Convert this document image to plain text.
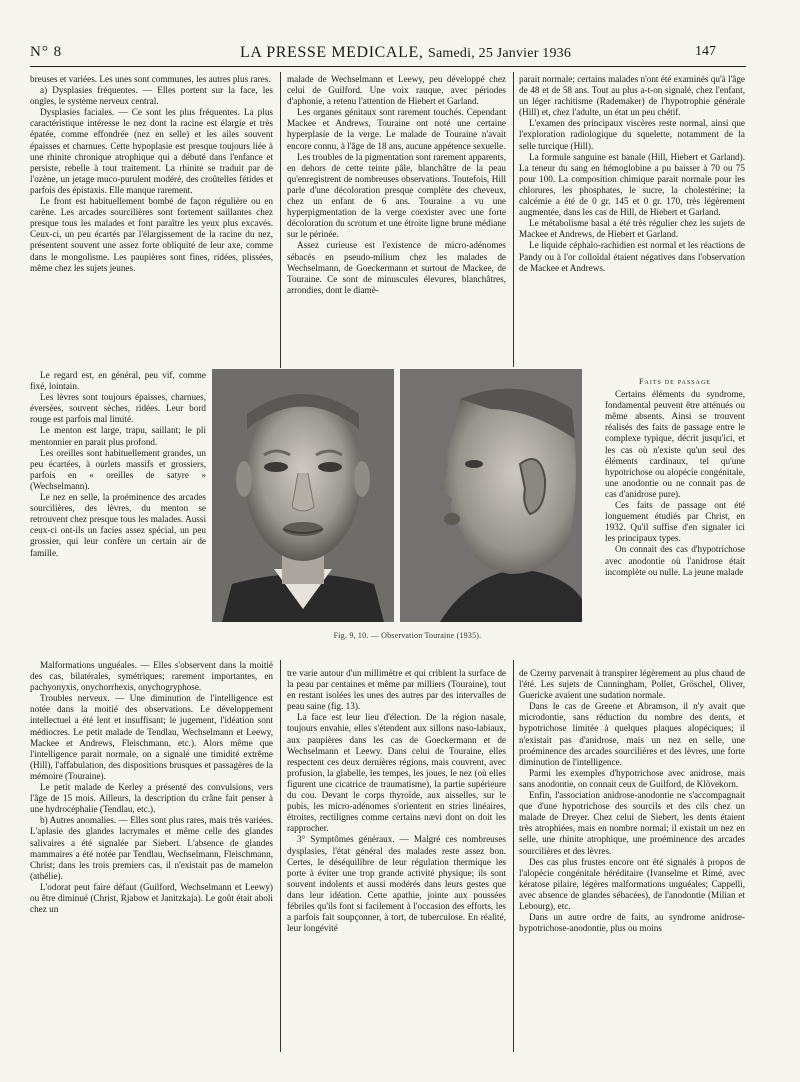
N° 8	LA PRESSE MEDICALE, Samedi, 25 Janvier 1936	147

breuses et variées. Les unes sont communes, les autres plus rares.

a) Dysplasies fréquentes. — Elles portent sur la face, les ongles, le système nerveux central.

Dysplasies faciales. — Ce sont les plus fréquentes. La plus caractéristique intéresse le nez dont la racine est élargie et très épatée, comme effondrée (nez en selle) et les ailes souvent épaisses et charnues. Cette hypoplasie est presque toujours liée à une rhinite chronique atrophique qui a débuté dans l'enfance et persiste, rebelle à tout traitement. La rhinite se traduit par de l'ozène, un jetage muco-purulent modéré, des croûtelles fétides et parfois des épistaxis. Elle manque rarement.

Le front est habituellement bombé de façon régulière ou en carène. Les arcades sourcilières sont fortement saillantes chez presque tous les malades et font paraître les yeux plus excavés. Ceux-ci, un peu écartés par l'élargissement de la racine du nez, présentent souvent une assez forte obliquité de leur axe, comme dans le mongolisme. Les paupières sont fines, ridées, plissées, même chez les sujets jeunes.

Le regard est, en général, peu vif, comme fixé, lointain.

Les lèvres sont toujours épaisses, charnues, éversées, souvent sèches, ridées. Leur bord rouge est parfois mal limité.

Le menton est large, trapu, saillant; le pli mentonnier en parait plus profond.

Les oreilles sont habituellement grandes, un peu écartées, à ourlets massifs et grossiers, parfois en « oreilles de satyre » (Wechselmann).

Le nez en selle, la proéminence des arcades sourcilières, des lèvres, du menton se retrouvent chez presque tous les malades. Aussi ceux-ci ont-ils un facies assez spécial, un peu grossier, qui leur confère un certain air de famille.

Malformations unguéales. — Elles s'observent dans la moitié des cas, bilatérales, symétriques; rarement importantes, en pachyonyxis, onychorrhexis, onychogryphose.

Troubles nerveux. — Une diminution de l'intelligence est notée dans la moitié des observations. Le développement intellectuel a été lent et insuffisant; le jugement, l'idéation sont médiocres. Le petit malade de Tendlau, Wechselmann et Leewy, Mackee et Andrews, Fleischmann, etc.). Alors même que l'intelligence parait normale, on a signalé une timidité extrême (Hill), l'affabulation, des dispositions brusques et passagères de la mémoire (Touraine).

Le petit malade de Kerley a présenté des convulsions, vers l'âge de 15 mois. Ailleurs, la description du crâne fait penser à une hydrocéphalie (Tendlau, etc.).

b) Autres anomalies. — Elles sont plus rares, mais très variées. L'aplasie des glandes lacrymales et même celle des glandes salivaires a été signalée par Siebert. L'absence de glandes mammaires a été notée par Tendlau, Wechselmann, Fleischmann, Christ; dans les trois premiers cas, il n'existait pas de mamelon (athélie).

L'odorat peut faire défaut (Guilford, Wechselmann et Leewy) ou être diminué (Christ, Rjabow et Janitzkaja). Le goût était aboli chez un

malade de Wechselmann et Leewy, peu développé chez celui de Guilford. Une voix rauque, avec périodes d'aphonie, a retenu l'attention de Hiebert et Garland.

Les organes génitaux sont rarement touchés. Cependant Mackee et Andrews, Touraine ont noté une certaine hyperplasie de la verge. Le malade de Touraine n'avait encore connu, à l'âge de 18 ans, aucune appétence sexuelle.

Les troubles de la pigmentation sont rarement apparents, en dehors de cette teinte pâle, blanchâtre de la peau qu'enregistrent de nombreuses observations. Toutefois, Hill parle d'une décoloration presque complète des cheveux, chez un enfant de 6 ans. Touraine a vu une hyperpigmentation de la verge coexister avec une forte décoloration du scrotum et une étroite ligne brune médiane sur le périnée.

Assez curieuse est l'existence de micro-adénomes sébacés en pseudo-milium chez les malades de Wechselmann, de Goeckermann et surtout de Mackee, de Touraine. Ce sont de minuscules élevures, blanchâtres, arrondies, dont le diamè-

parait normale; certains malades n'ont été examinés qu'à l'âge de 48 et de 58 ans. Tout au plus a-t-on signalé, chez l'enfant, un léger rachitisme (Rademaker) de l'hypotrophie générale (Hill) et, chez l'adulte, un état un peu chétif.

L'examen des principaux viscères reste normal, ainsi que l'exploration radiologique du squelette, notamment de la selle turcique (Hill).

La formule sanguine est banale (Hill, Hiebert et Garland). La teneur du sang en hémoglobine a pu baisser à 70 ou 75 pour 100. La composition chimique parait normale pour les chlorures, les phosphates, le sucre, la cholestérine; la calcémie a été de 0 gr. 145 et 0 gr. 170, très légèrement augmentée, dans les cas de Hill, de Hiebert et Garland.

Le métabolisme basal a été très régulier chez les sujets de Mackee et Andrews, de Hiebert et Garland.

Le liquide céphalo-rachidien est normal et les réactions de Pandy ou à l'or colloïdal étaient négatives dans l'observation de Mackee et Andrews.

Faits de passage

Certains éléments du syndrome, fondamental peuvent être atténués ou même absents. Ainsi se trouvent réalisés des faits de passage entre le complexe typique, décrit jusqu'ici, et les cas où n'existe qu'un seul des éléments cardinaux, tel qu'une hypotrichose ou alopécie congénitale, une anodontie ou ne connait pas de cas d'anidrose pure).

Ces faits de passage ont été longuement étudiés par Christ, en 1932. Qu'il suffise d'en signaler ici les principaux types.

On connait des cas d'hypotrichose avec anodontie où l'anidrose était incomplète ou nulle. La jeune malade

Fig. 9, 10. — Observation Touraine (1935).

tre varie autour d'un millimètre et qui criblent la surface de la peau par centaines et même par milliers (Touraine), tout en restant isolées les unes des autres par des intervalles de peau saine (fig. 13).

La face est leur lieu d'élection. De la région nasale, toujours envahie, elles s'étendent aux sillons naso-labiaux, aux paupières dans les cas de Goeckermann et de Wechselmann et Leewy. Dans celui de Touraine, elles respectent ces deux dernières régions, mais couvrent, avec profusion, la glabelle, les tempes, les joues, le nez (où elles figurent une cicatrice de traumatisme), la partie supérieure du cou. Devant le corps thyroïde, aux aisselles, sur le pubis, les micro-adénomes s'orientent en stries linéaires, étroites, rectilignes comme certains nævi dont on doit les rapprocher.

3° Symptômes généraux. — Malgré ces nombreuses dysplasies, l'état général des malades reste assez bon. Certes, le déséquilibre de leur régulation thermique les porte à éviter une trop grande activité physique; ils sont souvent indolents et aussi modérés dans leurs gestes que dans leur idéation. Cette apathie, jointe aux poussées fébriles qu'ils font si facilement à l'occasion des efforts, les a parfois fait soupçonner, à tort, de tuberculose. En réalité, leur longévité

de Czerny parvenait à transpirer légèrement au plus chaud de l'été. Les sujets de Cunningham, Pollet, Gröschel, Oliver, Guericke avaient une sudation normale.

Dans le cas de Greene et Abramson, il n'y avait que microdontie, sans réduction du nombre des dents, et hypotrichose limitée à quelques plaques alopéciques; il n'existait pas d'anidrose, mais un nez en selle, une proéminence des arcades sourcilières et des lèvres, une forte diminution de l'intelligence.

Parmi les exemples d'hypotrichose avec anidrose, mais sans anodontie, on connait ceux de Guilford, de Klövekorn.

Enfin, l'association anidrose-anodontie ne s'accompagnait que d'une hypotrichose des sourcils et des cils chez un malade de Dreyer. Chez celui de Siebert, les dents étaient très atrophiées, mais en nombre normal; il existait un nez en selle, une rhinite atrophique, une proéminence des arcades sourcilières et des lèvres.

Des cas plus frustes encore ont été signalés à propos de l'alopécie congénitale héréditaire (Ivanselme et Rimé, avec kératose pilaire, légères malformations unguéales; Cappelli, avec absence de glandes sébacées), de l'anodontie (Milian et Lebourg), etc.

Dans un autre ordre de faits, au syndrome anidrose-hypotrichose-anodontie, plus ou moins
